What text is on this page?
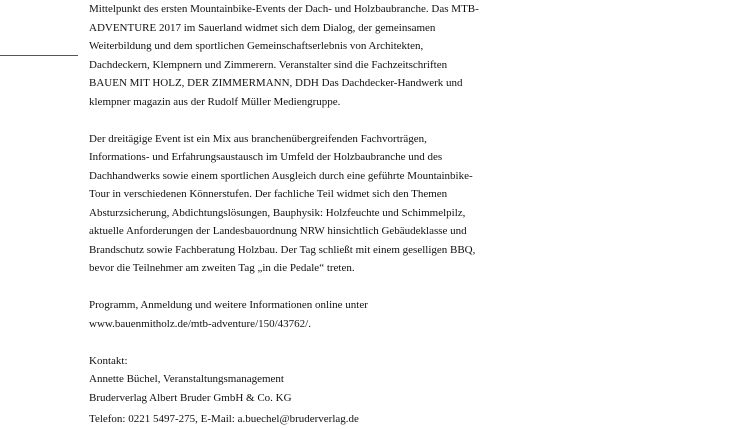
Mittelpunkt des ersten Mountainbike-Events der Dach- und Holzbaubranche. Das MTB-
ADVENTURE 2017 im Sauerland widmet sich dem Dialog, der gemeinsamen
Weiterbildung und dem sportlichen Gemeinschaftserlebnis von Architekten,
Dachdeckern, Klempnern und Zimmerern. Veranstalter sind die Fachzeitschriften
BAUEN MIT HOLZ, DER ZIMMERMANN, DDH Das Dachdecker-Handwerk und
klempner magazin aus der Rudolf Müller Mediengruppe.
Der dreitägige Event ist ein Mix aus branchenübergreifenden Fachvorträgen,
Informations- und Erfahrungsaustausch im Umfeld der Holzbaubranche und des
Dachhandwerks sowie einem sportlichen Ausgleich durch eine geführte Mountainbike-
Tour in verschiedenen Könnerstufen. Der fachliche Teil widmet sich den Themen
Absturzsicherung, Abdichtungslösungen, Bauphysik: Holzfeuchte und Schimmelpilz,
aktuelle Anforderungen der Landesbauordnung NRW hinsichtlich Gebäudeklasse und
Brandschutz sowie Fachberatung Holzbau. Der Tag schließt mit einem geselligen BBQ,
bevor die Teilnehmer am zweiten Tag „in die Pedale“ treten.
Programm, Anmeldung und weitere Informationen online unter
www.bauenmitholz.de/mtb-adventure/150/43762/.
Kontakt:
Annette Büchel, Veranstaltungsmanagement
Bruderverlag Albert Bruder GmbH & Co. KG
Telefon: 0221 5497-275, E-Mail: a.buechel@bruderverlag.de
